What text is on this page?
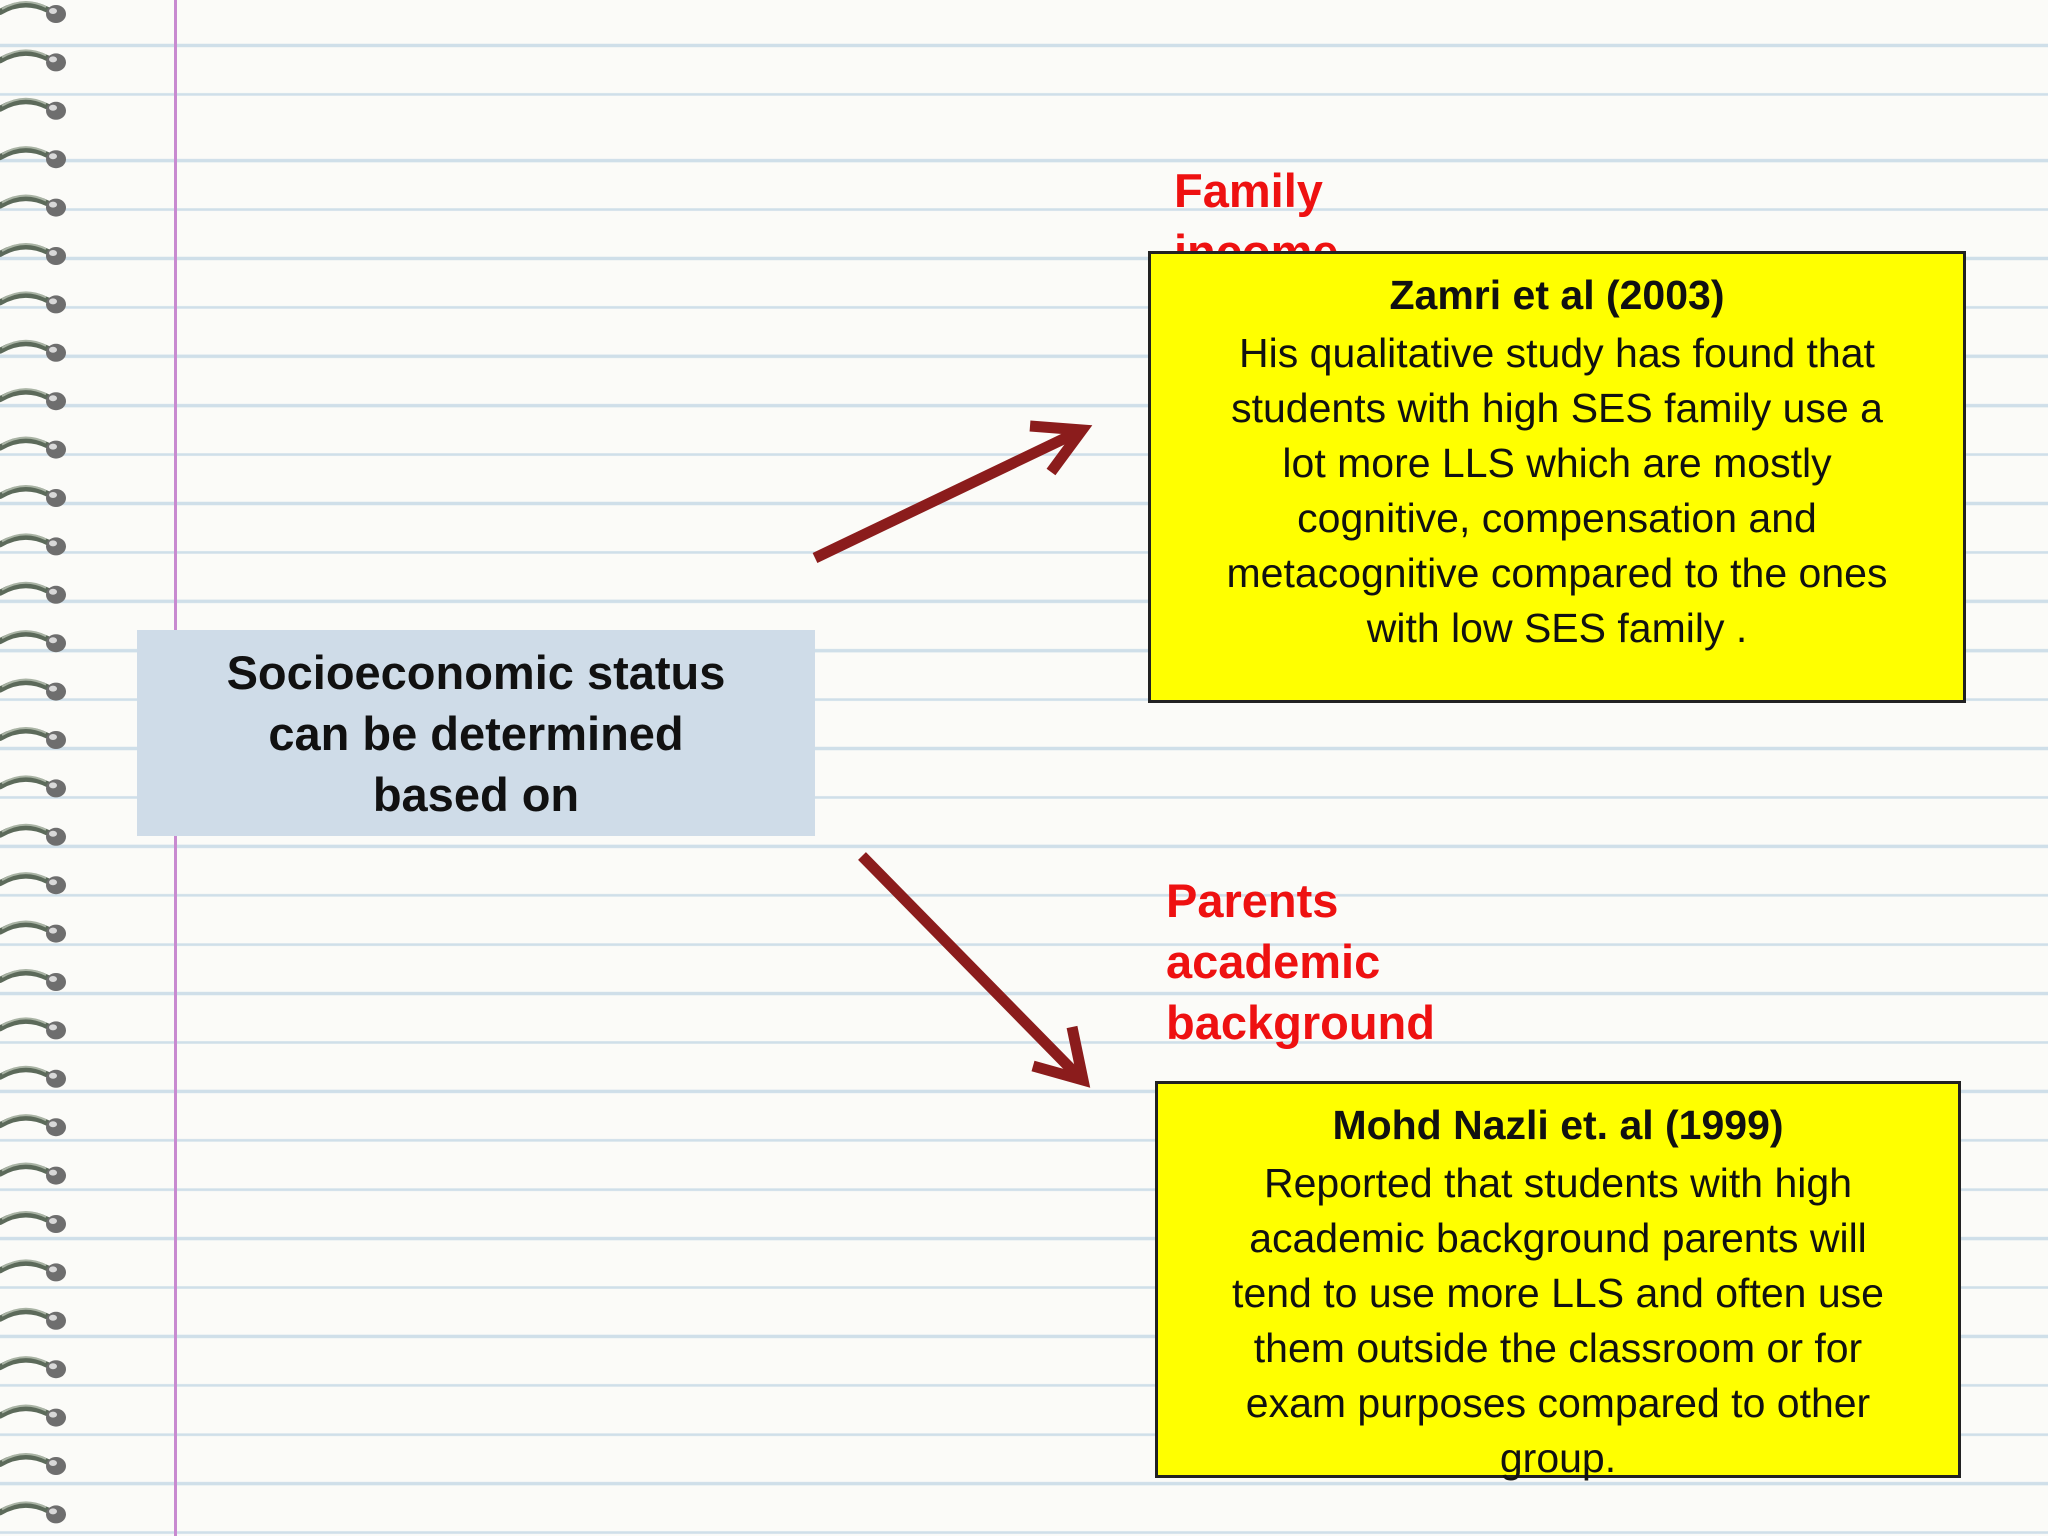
Socioeconomic status
can be determined
based on
Family

Zamri et al (2003)
His qualitative study has found that
students with high SES family use a
lot more LLS which are mostly
cognitive, compensation and
metacognitive compared to the ones
with low SES family .
Parents
academic
background
Mohd Nazli et. al (1999)
Reported that students with high
academic background parents will
tend to use more LLS and often use
them outside the classroom or for
exam purposes compared to other
group.
